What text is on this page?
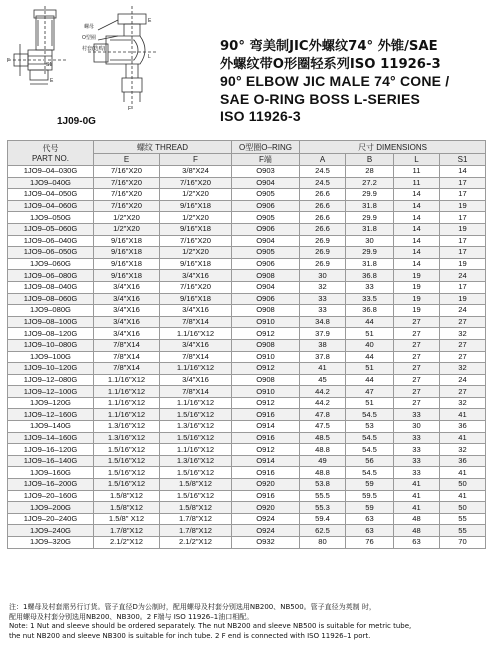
S1
E
F
螺母
O型圈
村套(选购)
E
L
F
1J09-0G
90° 弯美制JIC外螺纹74° 外锥/SAE
外螺纹带O形圈轻系列ISO 11926-3
90° ELBOW JIC MALE 74° CONE /
SAE O-RING BOSS L-SERIES
ISO 11926-3
代号
PART NO.	螺纹 THREAD		O型圈O–RING	尺寸 DIMENSIONS			
	E	F	F端	A	B	L	S1
1JO9–04–030G	7/16"X20	3/8"X24	O903	24.5	28	11	14
1JO9–040G	7/16"X20	7/16"X20	O904	24.5	27.2	11	17
1JO9–04–050G	7/16"X20	1/2"X20	O905	26.6	29.9	14	17
1JO9–04–060G	7/16"X20	9/16"X18	O906	26.6	31.8	14	19
1JO9–050G	1/2"X20	1/2"X20	O905	26.6	29.9	14	17
1JO9–05–060G	1/2"X20	9/16"X18	O906	26.6	31.8	14	19
1JO9–06–040G	9/16"X18	7/16"X20	O904	26.9	30	14	17
1JO9–06–050G	9/16"X18	1/2"X20	O905	26.9	29.9	14	17
1JO9–060G	9/16"X18	9/16"X18	O906	26.9	31.8	14	19
1JO9–06–080G	9/16"X18	3/4"X16	O908	30	36.8	19	24
1JO9–08–040G	3/4"X16	7/16"X20	O904	32	33	19	17
1JO9–08–060G	3/4"X16	9/16"X18	O906	33	33.5	19	19
1JO9–080G	3/4"X16	3/4"X16	O908	33	36.8	19	24
1JO9–08–100G	3/4"X16	7/8"X14	O910	34.8	44	27	27
1JO9–08–120G	3/4"X16	1.1/16"X12	O912	37.9	51	27	32
1JO9–10–080G	7/8"X14	3/4"X16	O908	38	40	27	27
1JO9–100G	7/8"X14	7/8"X14	O910	37.8	44	27	27
1JO9–10–120G	7/8"X14	1.1/16"X12	O912	41	51	27	32
1JO9–12–080G	1.1/16"X12	3/4"X16	O908	45	44	27	24
1JO9–12–100G	1.1/16"X12	7/8"X14	O910	44.2	47	27	27
1JO9–120G	1.1/16"X12	1.1/16"X12	O912	44.2	51	27	32
1JO9–12–160G	1.1/16"X12	1.5/16"X12	O916	47.8	54.5	33	41
1JO9–140G	1.3/16"X12	1.3/16"X12	O914	47.5	53	30	36
1JO9–14–160G	1.3/16"X12	1.5/16"X12	O916	48.5	54.5	33	41
1JO9–16–120G	1.5/16"X12	1.1/16"X12	O912	48.8	54.5	33	32
1JO9–16–140G	1.5/16"X12	1.3/16"X12	O914	49	56	33	36
1JO9–160G	1.5/16"X12	1.5/16"X12	O916	48.8	54.5	33	41
1JO9–16–200G	1.5/16"X12	1.5/8"X12	O920	53.8	59	41	50
1JO9–20–160G	1.5/8"X12	1.5/16"X12	O916	55.5	59.5	41	41
1JO9–200G	1.5/8"X12	1.5/8"X12	O920	55.3	59	41	50
1JO9–20–240G	1.5/8" X12	1.7/8"X12	O924	59.4	63	48	55
1JO9–240G	1.7/8"X12	1.7/8"X12	O924	62.5	63	48	55
1JO9–320G	2.1/2"X12	2.1/2"X12	O932	80	76	63	70
注：1螺母及村套需另行订货。管子直径D为公制时，配用螺母及村套分别选用NB200、NB500。管子直径为英制 时，
配用螺母及村套分别选用NB200、NB300。2 F端与 ISO 11926–1油口相配。
Note: 1 Nut and sleeve should be ordered separately. The nut NB200 and sleeve NB500 is suitable for metric tube,
the nut NB200 and sleeve NB300 is suitable for inch tube. 2 F end is connected with ISO 11926–1 port.
